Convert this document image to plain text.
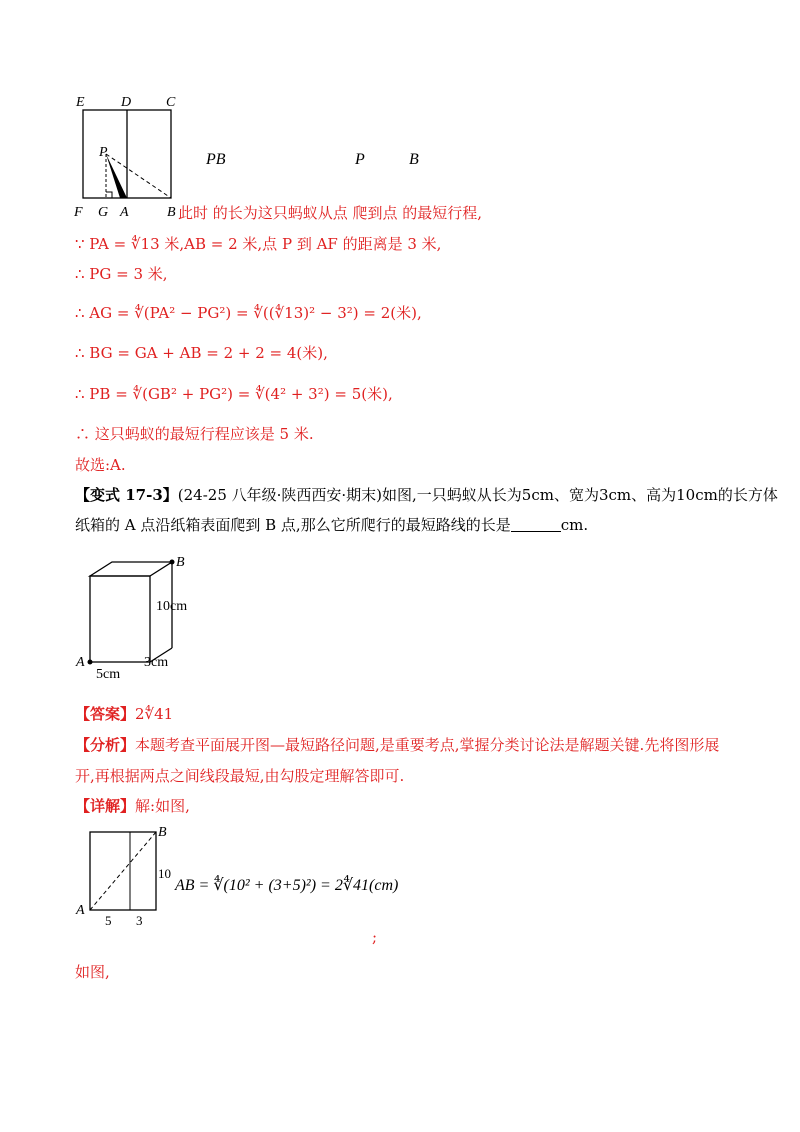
E	D C
P
F G A	B
PB	P	B
此时 的长为这只蚂蚁从点 爬到点 的最短行程,
∵ PA = ∜13 米,AB = 2 米,点 P 到 AF 的距离是 3 米,
∴ PG = 3 米,
∴ AG = ∜(PA² − PG²) = ∜((∜13)² − 3²) = 2(米),
∴ BG = GA + AB = 2 + 2 = 4(米),
∴ PB = ∜(GB² + PG²) = ∜(4² + 3²) = 5(米),
∴ 这只蚂蚁的最短行程应该是 5 米.
故选:A.
【变式 17-3】(24-25 八年级·陕西西安·期末)如图,一只蚂蚁从长为5cm、宽为3cm、高为10cm的长方体
纸箱的 A 点沿纸箱表面爬到 B 点,那么它所爬行的最短路线的长是	cm.
B
A
10cm
5cm
3cm
【答案】2∜41
【分析】本题考查平面展开图—最短路径问题,是重要考点,掌握分类讨论法是解题关键.先将图形展
开,再根据两点之间线段最短,由勾股定理解答即可.
【详解】解:如图,
B
A
10
5 3
AB = ∜(10² + (3+5)²) = 2∜41(cm)
;
如图,
